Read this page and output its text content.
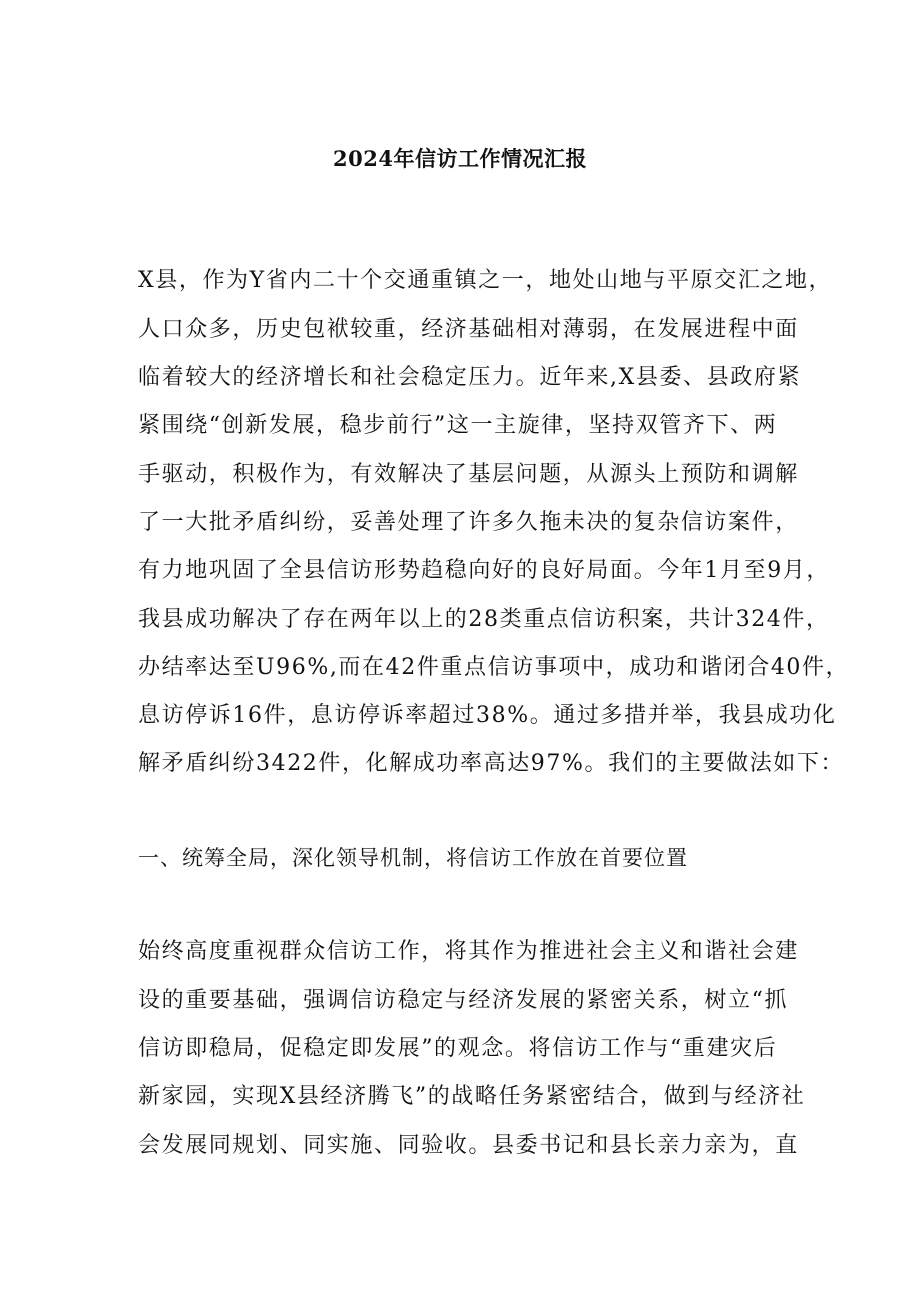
2024年信访工作情况汇报
X县，作为Y省内二十个交通重镇之一，地处山地与平原交汇之地，
人口众多，历史包袱较重，经济基础相对薄弱，在发展进程中面
临着较大的经济增长和社会稳定压力。近年来,X县委、县政府紧
紧围绕“创新发展，稳步前行”这一主旋律，坚持双管齐下、两
手驱动，积极作为，有效解决了基层问题，从源头上预防和调解
了一大批矛盾纠纷，妥善处理了许多久拖未决的复杂信访案件，
有力地巩固了全县信访形势趋稳向好的良好局面。今年1月至9月，
我县成功解决了存在两年以上的28类重点信访积案，共计324件，
办结率达至U96%,而在42件重点信访事项中，成功和谐闭合40件，
息访停诉16件，息访停诉率超过38%。通过多措并举，我县成功化
解矛盾纠纷3422件，化解成功率高达97%。我们的主要做法如下：
一、统筹全局，深化领导机制，将信访工作放在首要位置
始终高度重视群众信访工作，将其作为推进社会主义和谐社会建
设的重要基础，强调信访稳定与经济发展的紧密关系，树立“抓
信访即稳局，促稳定即发展”的观念。将信访工作与“重建灾后
新家园，实现X县经济腾飞”的战略任务紧密结合，做到与经济社
会发展同规划、同实施、同验收。县委书记和县长亲力亲为，直
